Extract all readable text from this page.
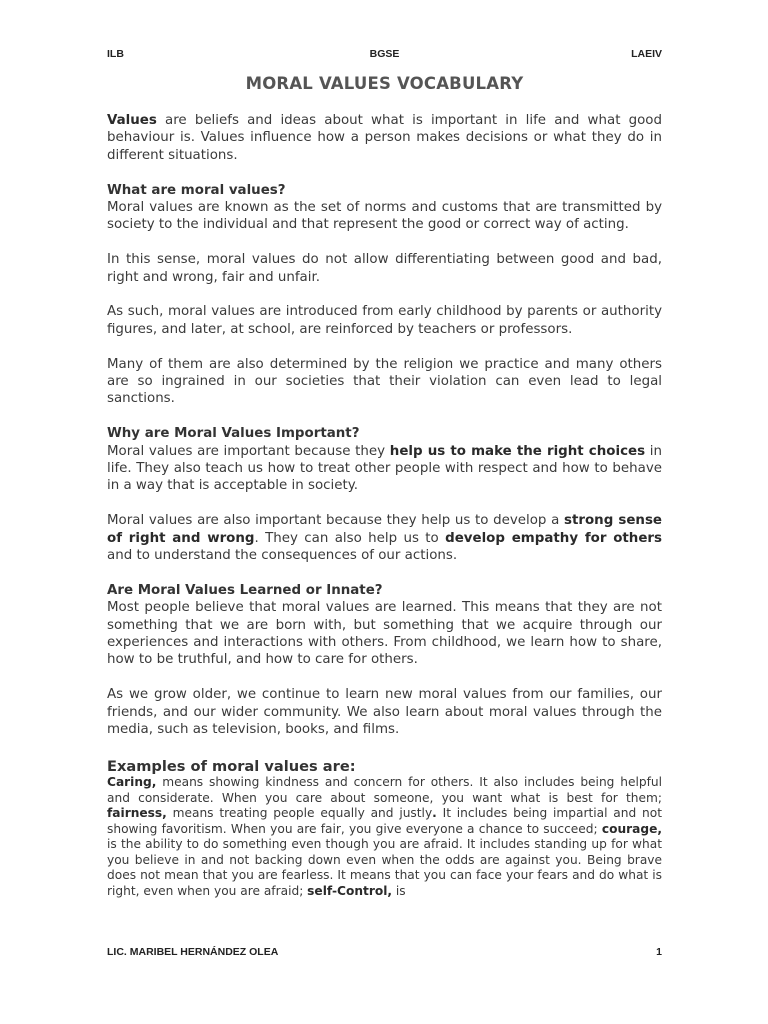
ILB	BGSE	LAEIV
MORAL VALUES VOCABULARY

Values are beliefs and ideas about what is important in life and what good behaviour is. Values influence how a person makes decisions or what they do in different situations.

What are moral values?

Moral values are known as the set of norms and customs that are transmitted by society to the individual and that represent the good or correct way of acting.

In this sense, moral values do not allow differentiating between good and bad, right and wrong, fair and unfair.

As such, moral values are introduced from early childhood by parents or authority figures, and later, at school, are reinforced by teachers or professors.

Many of them are also determined by the religion we practice and many others are so ingrained in our societies that their violation can even lead to legal sanctions.

Why are Moral Values Important?

Moral values are important because they help us to make the right choices in life. They also teach us how to treat other people with respect and how to behave in a way that is acceptable in society.

Moral values are also important because they help us to develop a strong sense of right and wrong. They can also help us to develop empathy for others and to understand the consequences of our actions.

Are Moral Values Learned or Innate?

Most people believe that moral values are learned. This means that they are not something that we are born with, but something that we acquire through our experiences and interactions with others. From childhood, we learn how to share, how to be truthful, and how to care for others.

As we grow older, we continue to learn new moral values from our families, our friends, and our wider community. We also learn about moral values through the media, such as television, books, and films.

Examples of moral values are:

Caring, means showing kindness and concern for others. It also includes being helpful and considerate. When you care about someone, you want what is best for them; fairness, means treating people equally and justly. It includes being impartial and not showing favoritism. When you are fair, you give everyone a chance to succeed; courage, is the ability to do something even though you are afraid. It includes standing up for what you believe in and not backing down even when the odds are against you. Being brave does not mean that you are fearless. It means that you can face your fears and do what is right, even when you are afraid; self-Control, is

LIC. MARIBEL HERNÁNDEZ OLEA	1
